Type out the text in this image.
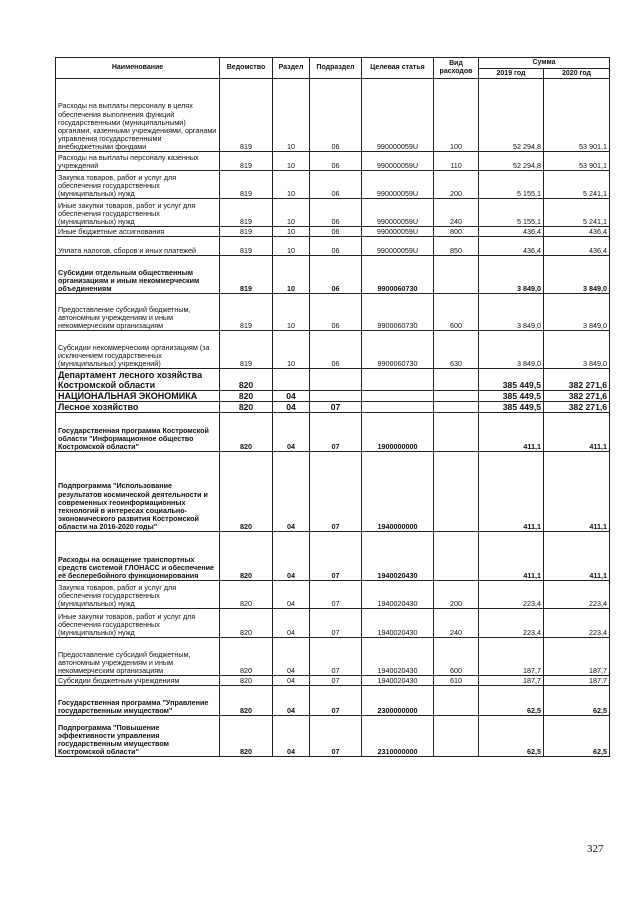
Наименование	Ведомство	Раздел	Подраздел	Целевая статья	Вид расходов	Сумма	
						2019 год	2020 год
Расходы на выплаты персоналу в целях обеспечения выполнения функций государственными (муниципальными) органами, казенными учреждениями, органами управления государственными внебюджетными фондами	819	10	06	990000059U	100	52 294,8	53 901,1
Расходы на выплаты персоналу казенных учреждений	819	10	06	990000059U	110	52 294,8	53 901,1
Закупка товаров, работ и услуг для обеспечения государственных (муниципальных) нужд	819	10	06	990000059U	200	5 155,1	5 241,1
Иные закупки товаров, работ и услуг для обеспечения государственных (муниципальных) нужд	819	10	06	990000059U	240	5 155,1	5 241,1
Иные бюджетные ассигнования	819	10	06	990000059U	800	436,4	436,4
Уплата налогов, сборов и иных платежей	819	10	06	990000059U	850	436,4	436,4
Субсидии отдельным общественным организациям и иным некоммерческим объединениям	819	10	06	9900060730		3 849,0	3 849,0
Предоставление субсидий бюджетным, автономным учреждениям и иным некоммерческим организациям	819	10	06	9900060730	600	3 849,0	3 849,0
Субсидии некоммерческим организациям (за исключением государственных (муниципальных) учреждений)	819	10	06	9900060730	630	3 849,0	3 849,0
Департамент лесного хозяйства Костромской области	820					385 449,5	382 271,6
НАЦИОНАЛЬНАЯ ЭКОНОМИКА	820	04				385 449,5	382 271,6
Лесное хозяйство	820	04	07			385 449,5	382 271,6
Государственная программа Костромской области "Информационное общество Костромской области"	820	04	07	1900000000		411,1	411,1
Подпрограмма "Использование результатов космической деятельности и современных геоинформационных технологий в интересах социально-экономического развития Костромской области на 2016-2020 годы"	820	04	07	1940000000		411,1	411,1
Расходы на оснащение транспортных средств системой ГЛОНАСС и обеспечение её бесперебойного функционирования	820	04	07	1940020430		411,1	411,1
Закупка товаров, работ и услуг для обеспечения государственных (муниципальных) нужд	820	04	07	1940020430	200	223,4	223,4
Иные закупки товаров, работ и услуг для обеспечения государственных (муниципальных) нужд	820	04	07	1940020430	240	223,4	223,4
Предоставление субсидий бюджетным, автономным учреждениям и иным некоммерческим организациям	820	04	07	1940020430	600	187,7	187,7
Субсидии бюджетным учреждениям	820	04	07	1940020430	610	187,7	187,7
Государственная программа "Управление государственным имуществом"	820	04	07	2300000000		62,5	62,5
Подпрограмма "Повышение эффективности управления государственным имуществом Костромской области"	820	04	07	2310000000		62,5	62,5
327
